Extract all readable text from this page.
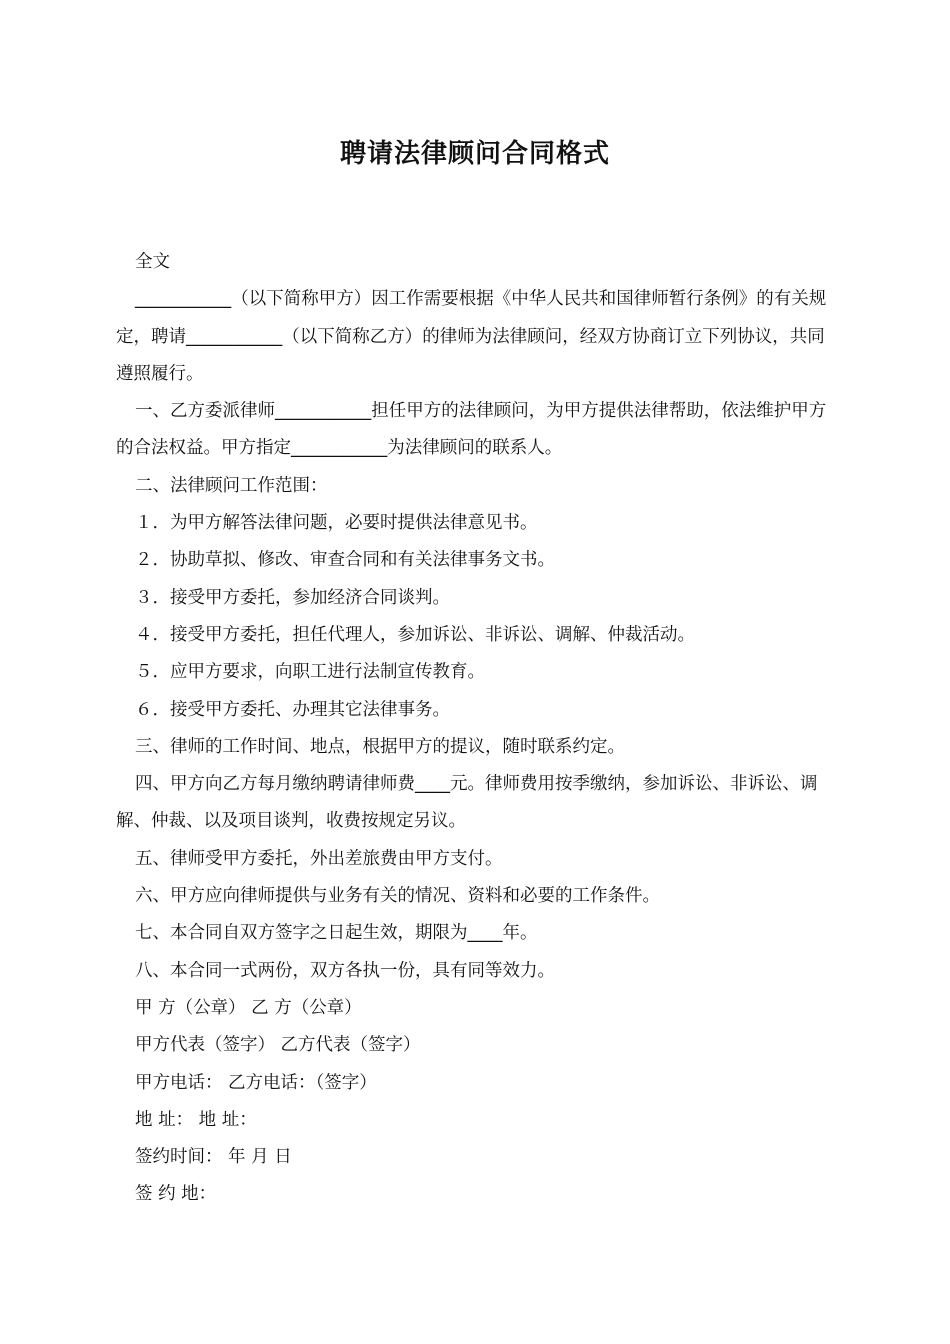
聘请法律顾问合同格式

全文

___________（以下简称甲方）因工作需要根据《中华人民共和国律师暂行条例》的有关规定，聘请___________（以下简称乙方）的律师为法律顾问，经双方协商订立下列协议，共同遵照履行。

一、乙方委派律师___________担任甲方的法律顾问，为甲方提供法律帮助，依法维护甲方的合法权益。甲方指定___________为法律顾问的联系人。

二、法律顾问工作范围：

１．为甲方解答法律问题，必要时提供法律意见书。

２．协助草拟、修改、审查合同和有关法律事务文书。

３．接受甲方委托，参加经济合同谈判。

４．接受甲方委托，担任代理人，参加诉讼、非诉讼、调解、仲裁活动。

５．应甲方要求，向职工进行法制宣传教育。

６．接受甲方委托、办理其它法律事务。

三、律师的工作时间、地点，根据甲方的提议，随时联系约定。

四、甲方向乙方每月缴纳聘请律师费____元。律师费用按季缴纳，参加诉讼、非诉讼、调解、仲裁、以及项目谈判，收费按规定另议。

五、律师受甲方委托，外出差旅费由甲方支付。

六、甲方应向律师提供与业务有关的情况、资料和必要的工作条件。

七、本合同自双方签字之日起生效，期限为____年。

八、本合同一式两份，双方各执一份，具有同等效力。

甲 方（公章） 乙 方（公章）

甲方代表（签字） 乙方代表（签字）

甲方电话： 乙方电话：（签字）

地 址： 地 址：

签约时间： 年 月 日

签 约 地：
